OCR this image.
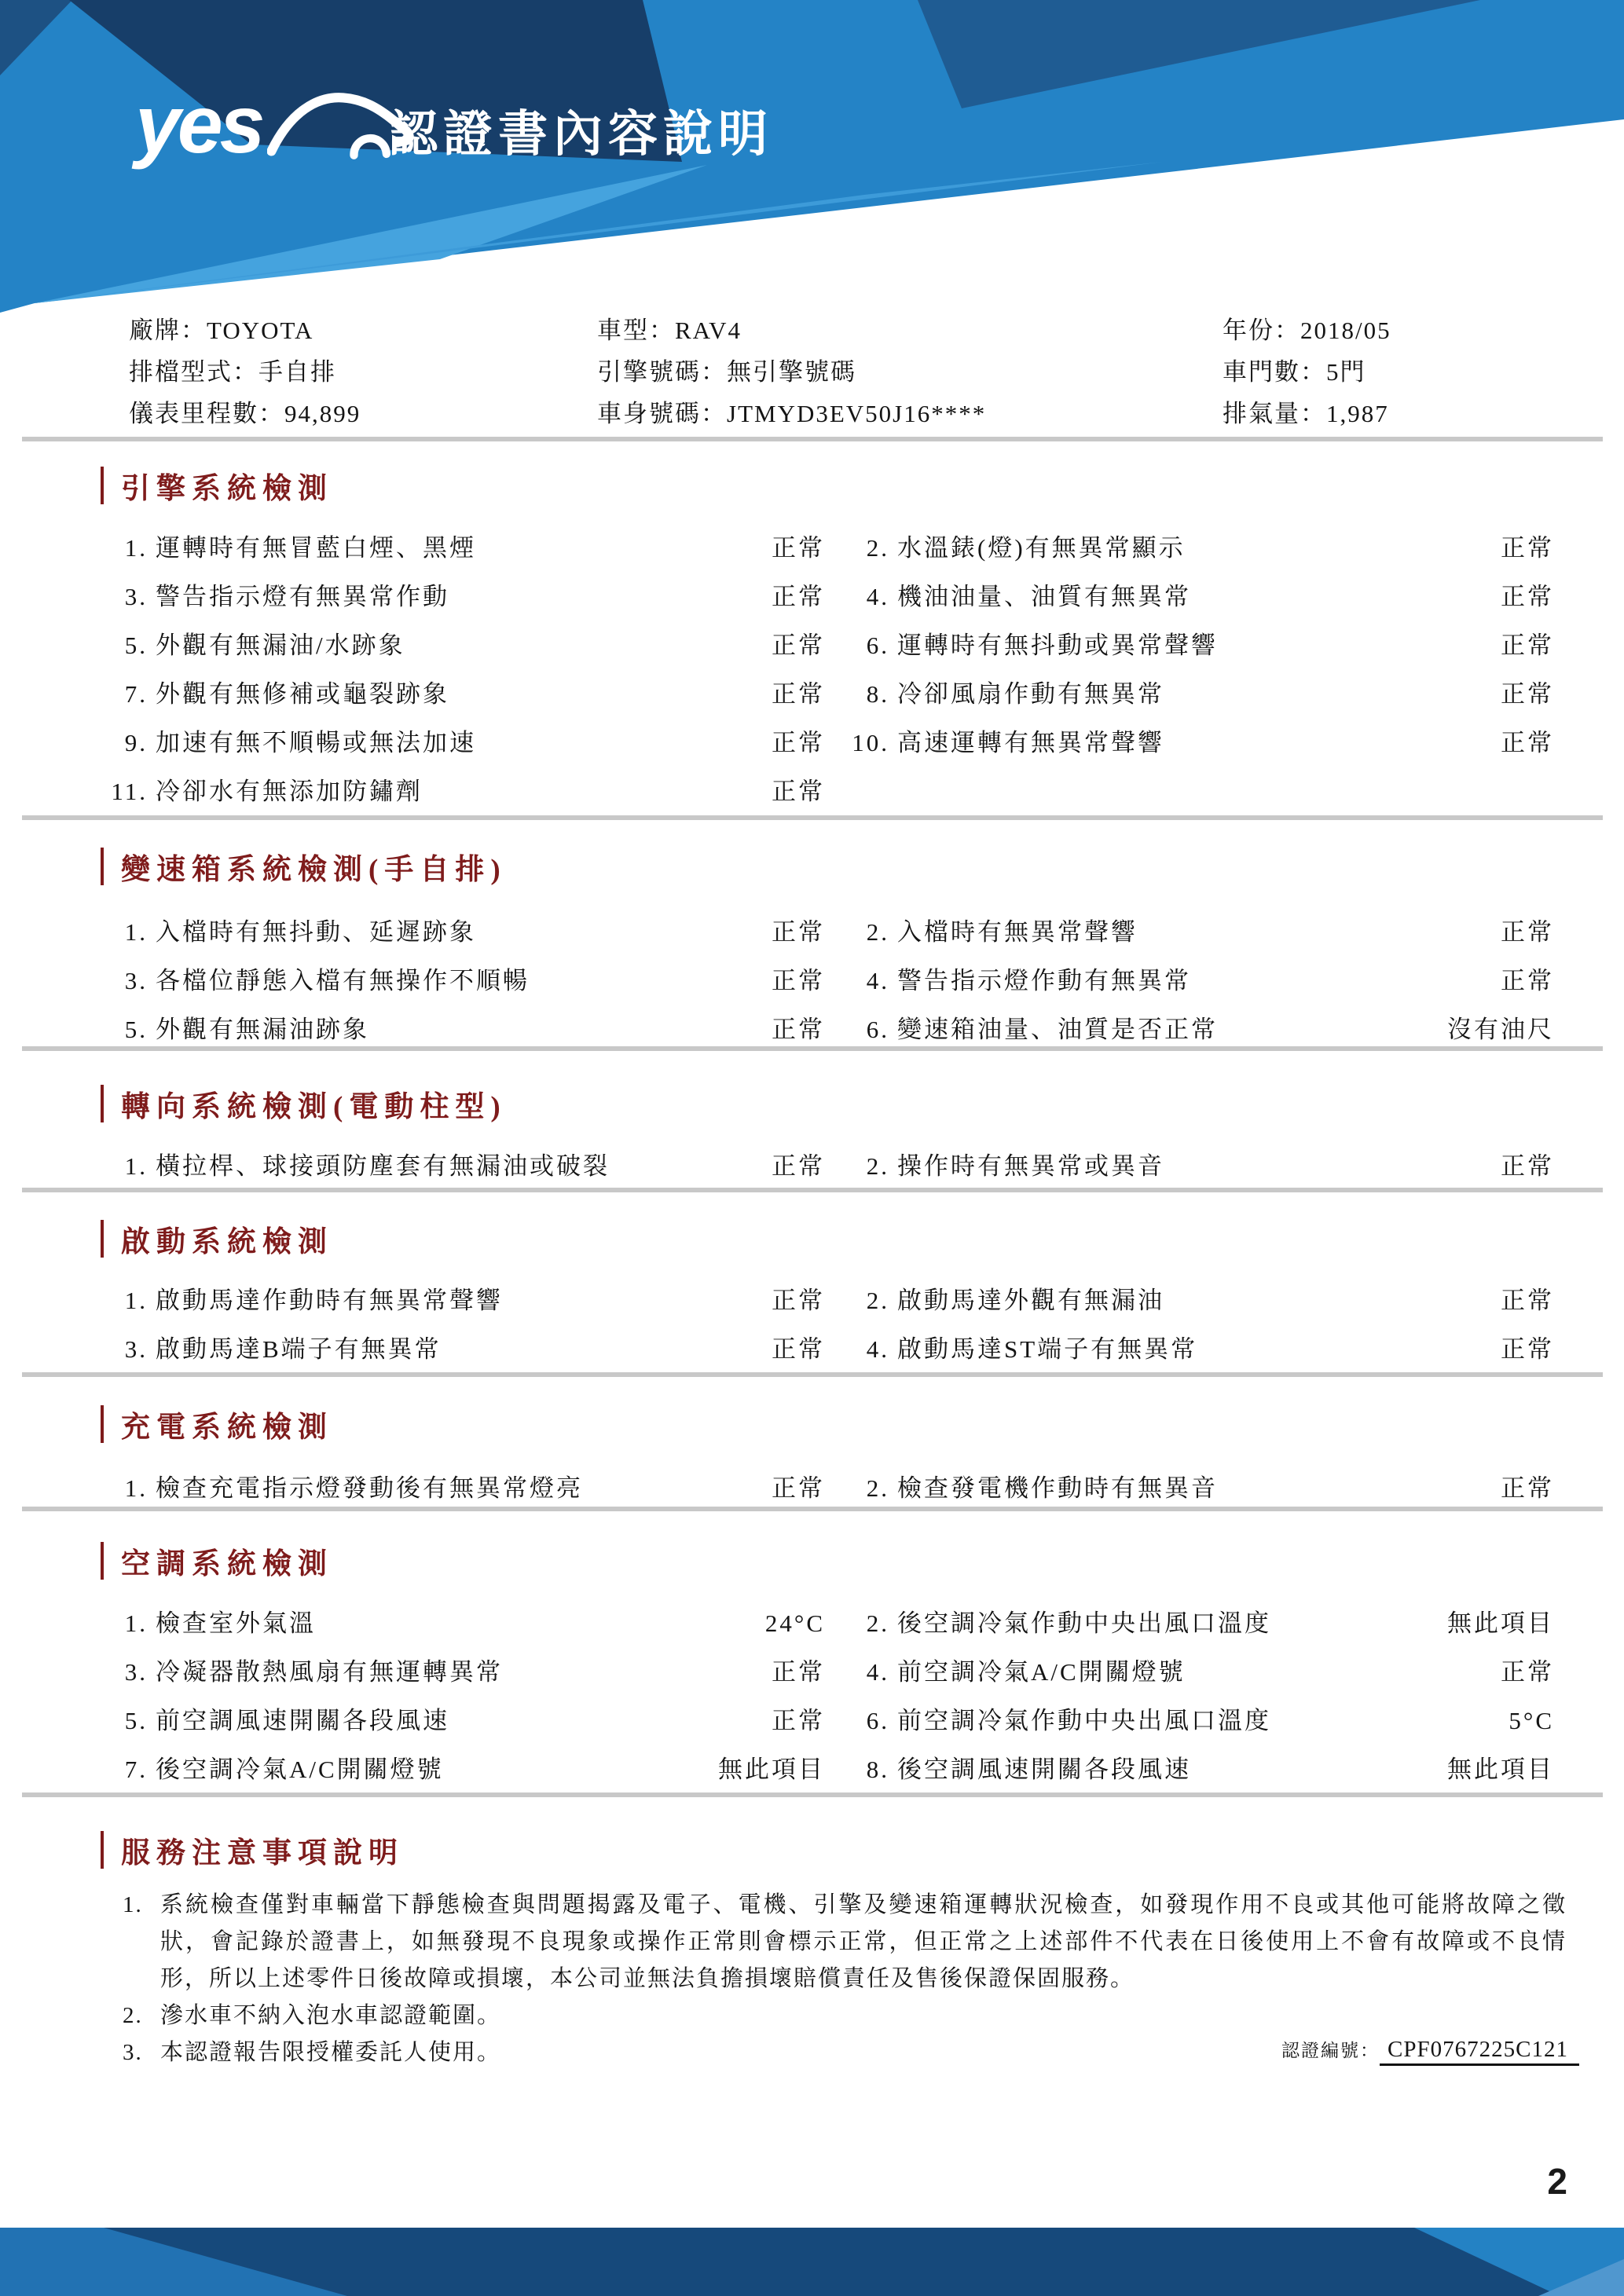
yes	認證書內容說明
廠牌：TOYOTA	車型：RAV4	年份：2018/05
排檔型式：手自排	引擎號碼：無引擎號碼	車門數：5門
儀表里程數：94,899	車身號碼：JTMYD3EV50J16****	排氣量：1,987
引擎系統檢測
1. 運轉時有無冒藍白煙、黑煙	正常	2. 水溫錶(燈)有無異常顯示	正常
3. 警告指示燈有無異常作動	正常	4. 機油油量、油質有無異常	正常
5. 外觀有無漏油/水跡象	正常	6. 運轉時有無抖動或異常聲響	正常
7. 外觀有無修補或龜裂跡象	正常	8. 冷卻風扇作動有無異常	正常
9. 加速有無不順暢或無法加速	正常	10. 高速運轉有無異常聲響	正常
11. 冷卻水有無添加防鏽劑	正常
變速箱系統檢測(手自排)
1. 入檔時有無抖動、延遲跡象	正常	2. 入檔時有無異常聲響	正常
3. 各檔位靜態入檔有無操作不順暢	正常	4. 警告指示燈作動有無異常	正常
5. 外觀有無漏油跡象	正常	6. 變速箱油量、油質是否正常	沒有油尺
轉向系統檢測(電動柱型)
1. 橫拉桿、球接頭防塵套有無漏油或破裂	正常	2. 操作時有無異常或異音	正常
啟動系統檢測
1. 啟動馬達作動時有無異常聲響	正常	2. 啟動馬達外觀有無漏油	正常
3. 啟動馬達B端子有無異常	正常	4. 啟動馬達ST端子有無異常	正常
充電系統檢測
1. 檢查充電指示燈發動後有無異常燈亮	正常	2. 檢查發電機作動時有無異音	正常
空調系統檢測
1. 檢查室外氣溫	24°C	2. 後空調冷氣作動中央出風口溫度	無此項目
3. 冷凝器散熱風扇有無運轉異常	正常	4. 前空調冷氣A/C開關燈號	正常
5. 前空調風速開關各段風速	正常	6. 前空調冷氣作動中央出風口溫度	5°C
7. 後空調冷氣A/C開關燈號	無此項目	8. 後空調風速開關各段風速	無此項目
服務注意事項說明
1. 系統檢查僅對車輛當下靜態檢查與問題揭露及電子、電機、引擎及變速箱運轉狀況檢查，如發現作用不良或其他可能將故障之徵狀，會記錄於證書上，如無發現不良現象或操作正常則會標示正常，但正常之上述部件不代表在日後使用上不會有故障或不良情形，所以上述零件日後故障或損壞，本公司並無法負擔損壞賠償責任及售後保證保固服務。
2. 滲水車不納入泡水車認證範圍。
3. 本認證報告限授權委託人使用。	認證編號： CPF0767225C121
2
